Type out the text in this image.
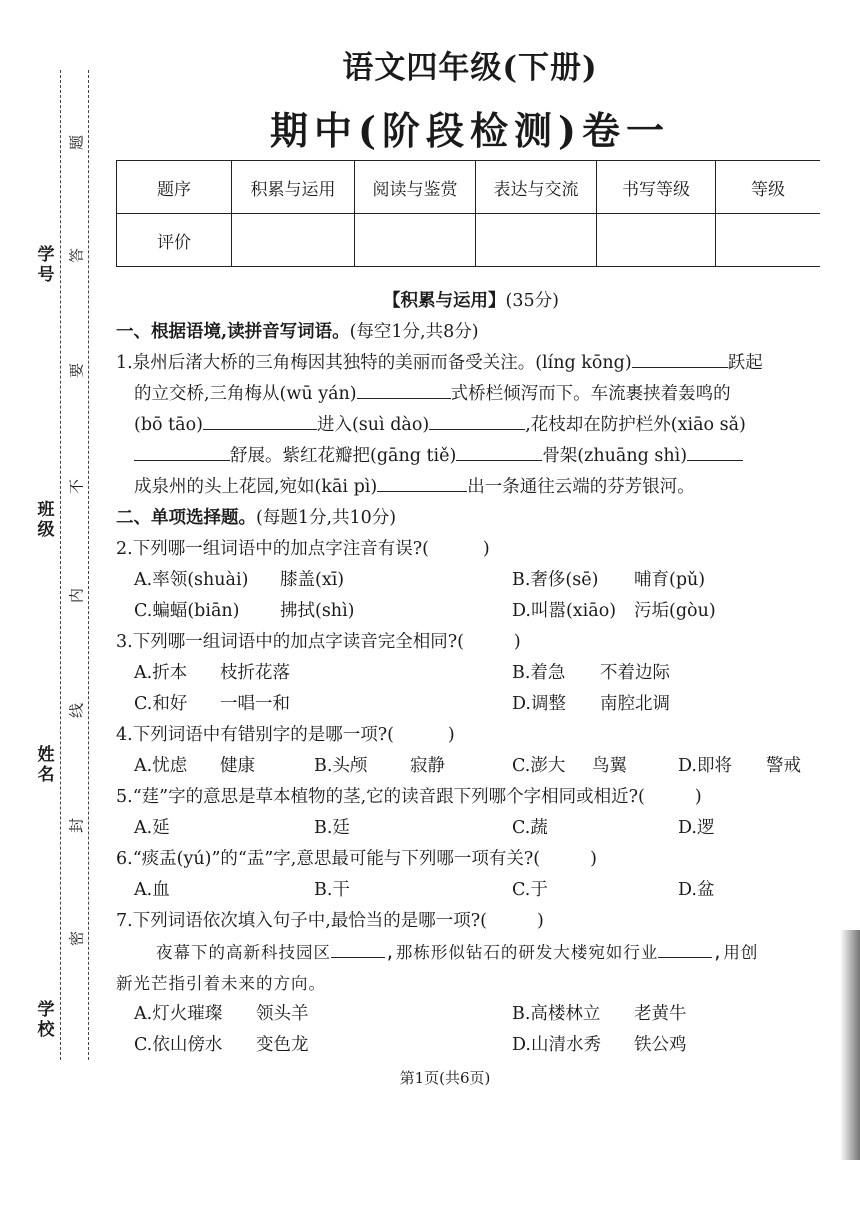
学号
班级
姓名
学校
题
答
要
不
内
线
封
密
语文四年级(下册)
期中(阶段检测)卷一
题序	积累与运用	阅读与鉴赏	表达与交流	书写等级	等级
评价					
【积累与运用】(35分)
一、根据语境,读拼音写词语。(每空1分,共8分)
1.泉州后渚大桥的三角梅因其独特的美丽而备受关注。(líng kōng)	跃起
的立交桥,三角梅从(wū yán)	式桥栏倾泻而下。车流裹挟着轰鸣的
(bō tāo)	进入(suì dào)	,花枝却在防护栏外(xiāo sǎ)
舒展。紫红花瓣把(gāng tiě)	骨架(zhuāng shì)
成泉州的头上花园,宛如(kāi pì)	出一条通往云端的芬芳银河。
二、单项选择题。(每题1分,共10分)
2.下列哪一组词语中的加点字注音有误?(	)
A.率领(shuài)	膝盖(xī)	B.奢侈(sē)	哺育(pǔ)
C.蝙蝠(biān)	拂拭(shì)	D.叫嚣(xiāo)	污垢(gòu)
3.下列哪一组词语中的加点字读音完全相同?(	)
A.折本	枝折花落	B.着急	不着边际
C.和好	一唱一和	D.调整	南腔北调
4.下列词语中有错别字的是哪一项?(	)
A.忧虑	健康	B.头颅	寂静	C.澎大	鸟翼	D.即将	警戒
5.“莛”字的意思是草本植物的茎,它的读音跟下列哪个字相同或相近?(	)
A.延	B.廷	C.蔬	D.逻
6.“痰盂(yú)”的“盂”字,意思最可能与下列哪一项有关?(	)
A.血	B.干	C.于	D.盆
7.下列词语依次填入句子中,最恰当的是哪一项?(	)
夜幕下的高新科技园区	,那栋形似钻石的研发大楼宛如行业	,用创
新光芒指引着未来的方向。
A.灯火璀璨	领头羊	B.高楼林立	老黄牛
C.依山傍水	变色龙	D.山清水秀	铁公鸡
第1页(共6页)
